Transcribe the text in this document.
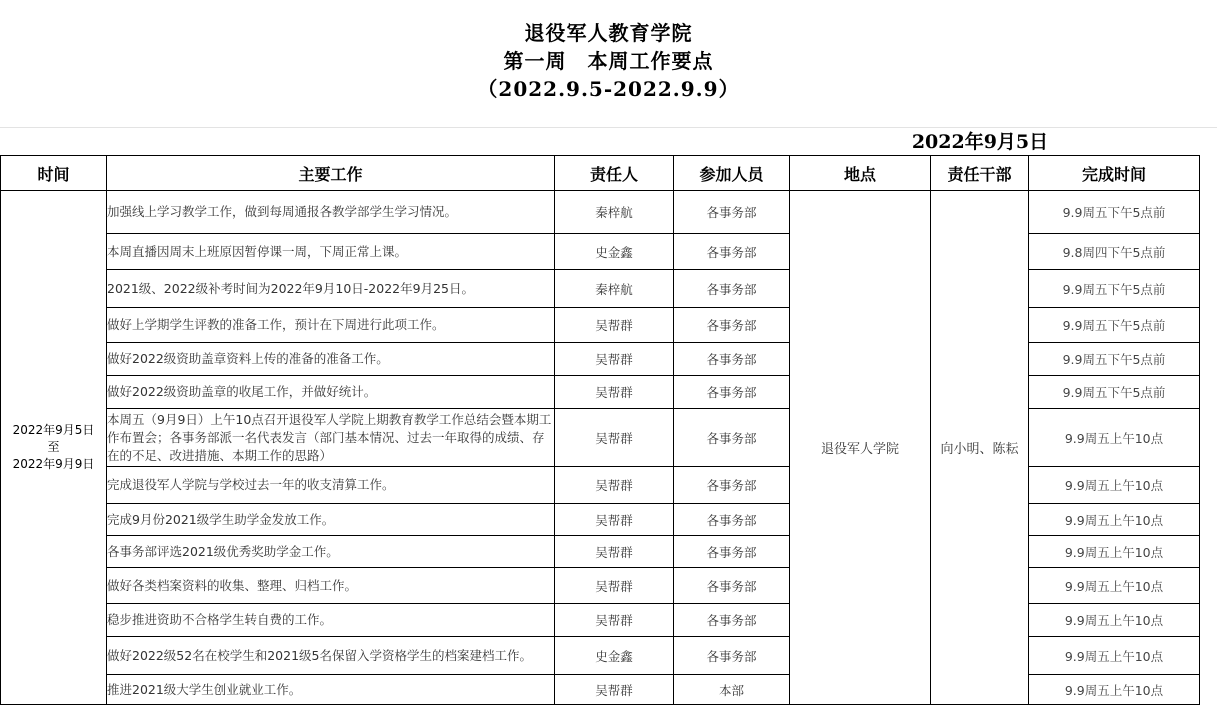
退役军人教育学院
第一周　本周工作要点
（2022.9.5-2022.9.9）
2022年9月5日
时间	主要工作	责任人	参加人员	地点	责任干部	完成时间

2022年9月5日
至
2022年9月9日	加强线上学习教学工作，做到每周通报各教学部学生学习情况。	秦梓航	各事务部	退役军人学院	向小明、陈耘	9.9周五下午5点前
	本周直播因周末上班原因暂停课一周，下周正常上课。	史金鑫	各事务部			9.8周四下午5点前
	2021级、2022级补考时间为2022年9月10日-2022年9月25日。	秦梓航	各事务部			9.9周五下午5点前
	做好上学期学生评教的准备工作，预计在下周进行此项工作。	吴帮群	各事务部			9.9周五下午5点前
	做好2022级资助盖章资料上传的准备的准备工作。	吴帮群	各事务部			9.9周五下午5点前
	做好2022级资助盖章的收尾工作，并做好统计。	吴帮群	各事务部			9.9周五下午5点前
	本周五（9月9日）上午10点召开退役军人学院上期教育教学工作总结会暨本期工作布置会；各事务部派一名代表发言（部门基本情况、过去一年取得的成绩、存在的不足、改进措施、本期工作的思路）	吴帮群	各事务部			9.9周五上午10点
	完成退役军人学院与学校过去一年的收支清算工作。	吴帮群	各事务部			9.9周五上午10点
	完成9月份2021级学生助学金发放工作。	吴帮群	各事务部			9.9周五上午10点
	各事务部评选2021级优秀奖助学金工作。	吴帮群	各事务部			9.9周五上午10点
	做好各类档案资料的收集、整理、归档工作。	吴帮群	各事务部			9.9周五上午10点
	稳步推进资助不合格学生转自费的工作。	吴帮群	各事务部			9.9周五上午10点
	做好2022级52名在校学生和2021级5名保留入学资格学生的档案建档工作。	史金鑫	各事务部			9.9周五上午10点
	推进2021级大学生创业就业工作。	吴帮群	本部			9.9周五上午10点
